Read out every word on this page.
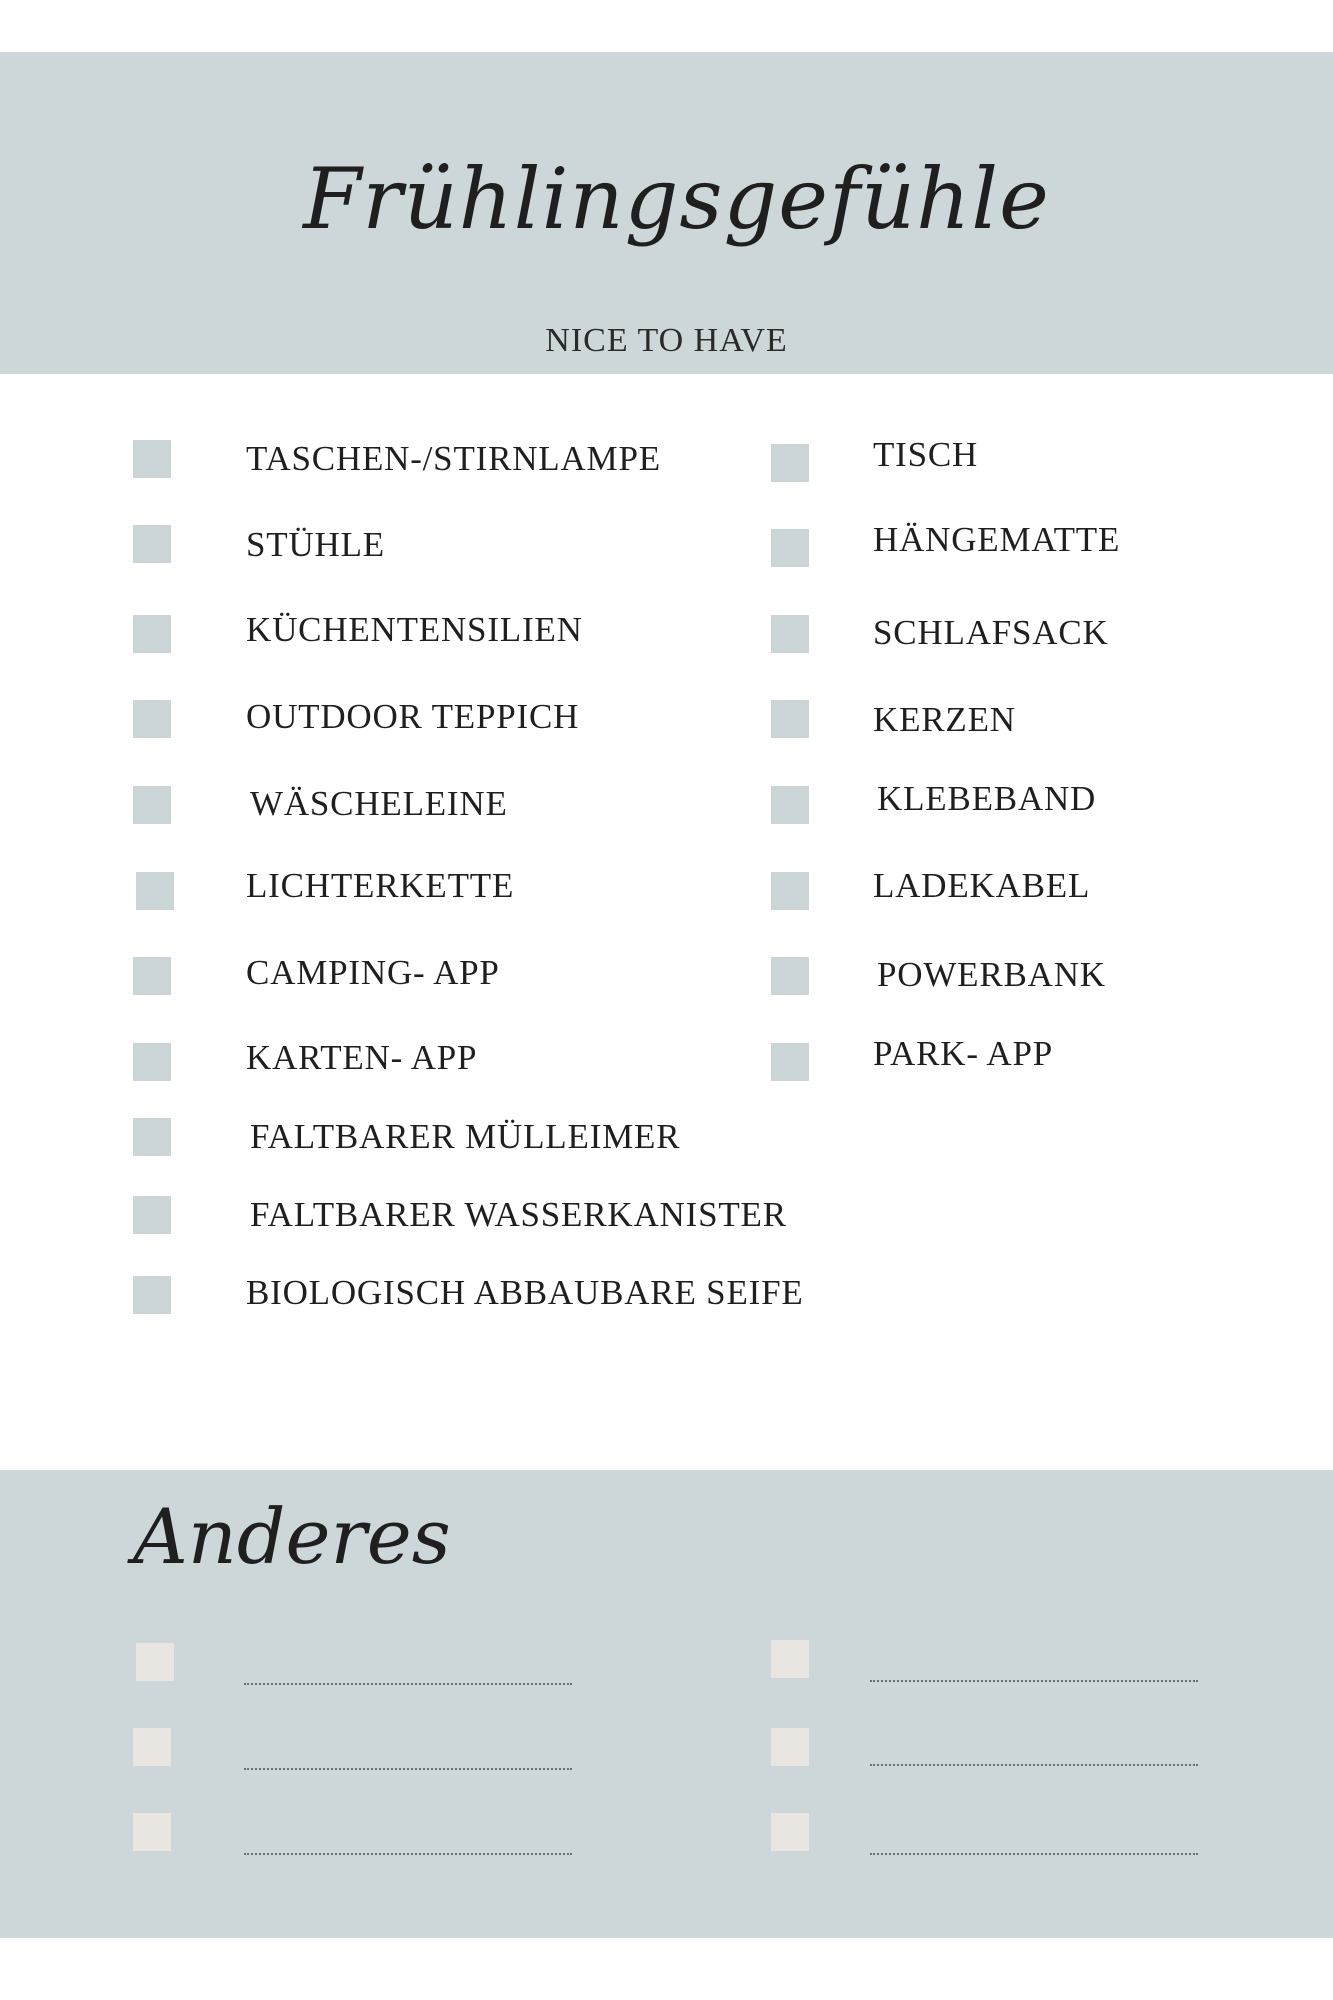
Frühlingsgefühle
NICE TO HAVE
TASCHEN-/STIRNLAMPE
STÜHLE
KÜCHENTENSILIEN
OUTDOOR TEPPICH
WÄSCHELEINE
LICHTERKETTE
CAMPING- APP
KARTEN- APP
FALTBARER MÜLLEIMER
FALTBARER WASSERKANISTER
BIOLOGISCH ABBAUBARE SEIFE
TISCH
HÄNGEMATTE
SCHLAFSACK
KERZEN
KLEBEBAND
LADEKABEL
POWERBANK
PARK- APP
Anderes
